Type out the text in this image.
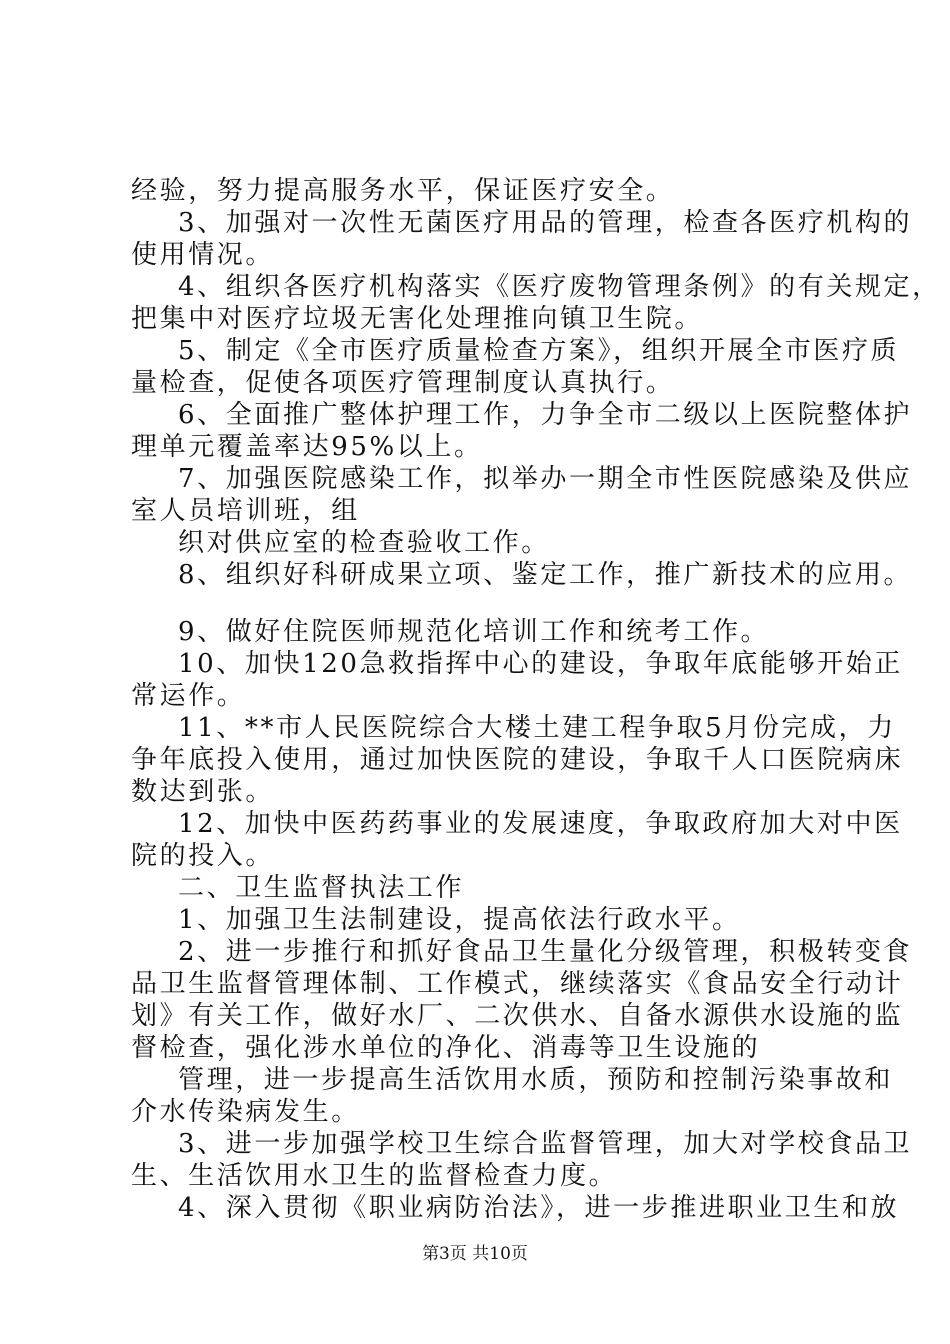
经验，努力提高服务水平，保证医疗安全。
3、加强对一次性无菌医疗用品的管理，检查各医疗机构的
使用情况。
4、组织各医疗机构落实《医疗废物管理条例》的有关规定，
把集中对医疗垃圾无害化处理推向镇卫生院。
5、制定《全市医疗质量检查方案》，组织开展全市医疗质
量检查，促使各项医疗管理制度认真执行。
6、全面推广整体护理工作，力争全市二级以上医院整体护
理单元覆盖率达95%以上。
7、加强医院感染工作，拟举办一期全市性医院感染及供应
室人员培训班，组
织对供应室的检查验收工作。
8、组织好科研成果立项、鉴定工作，推广新技术的应用。
9、做好住院医师规范化培训工作和统考工作。
10、加快120急救指挥中心的建设，争取年底能够开始正
常运作。
11、**市人民医院综合大楼土建工程争取5月份完成，力
争年底投入使用，通过加快医院的建设，争取千人口医院病床
数达到张。
12、加快中医药药事业的发展速度，争取政府加大对中医
院的投入。
二、卫生监督执法工作
1、加强卫生法制建设，提高依法行政水平。
2、进一步推行和抓好食品卫生量化分级管理，积极转变食
品卫生监督管理体制、工作模式，继续落实《食品安全行动计
划》有关工作，做好水厂、二次供水、自备水源供水设施的监
督检查，强化涉水单位的净化、消毒等卫生设施的
管理，进一步提高生活饮用水质，预防和控制污染事故和
介水传染病发生。
3、进一步加强学校卫生综合监督管理，加大对学校食品卫
生、生活饮用水卫生的监督检查力度。
4、深入贯彻《职业病防治法》，进一步推进职业卫生和放
第3页 共10页
